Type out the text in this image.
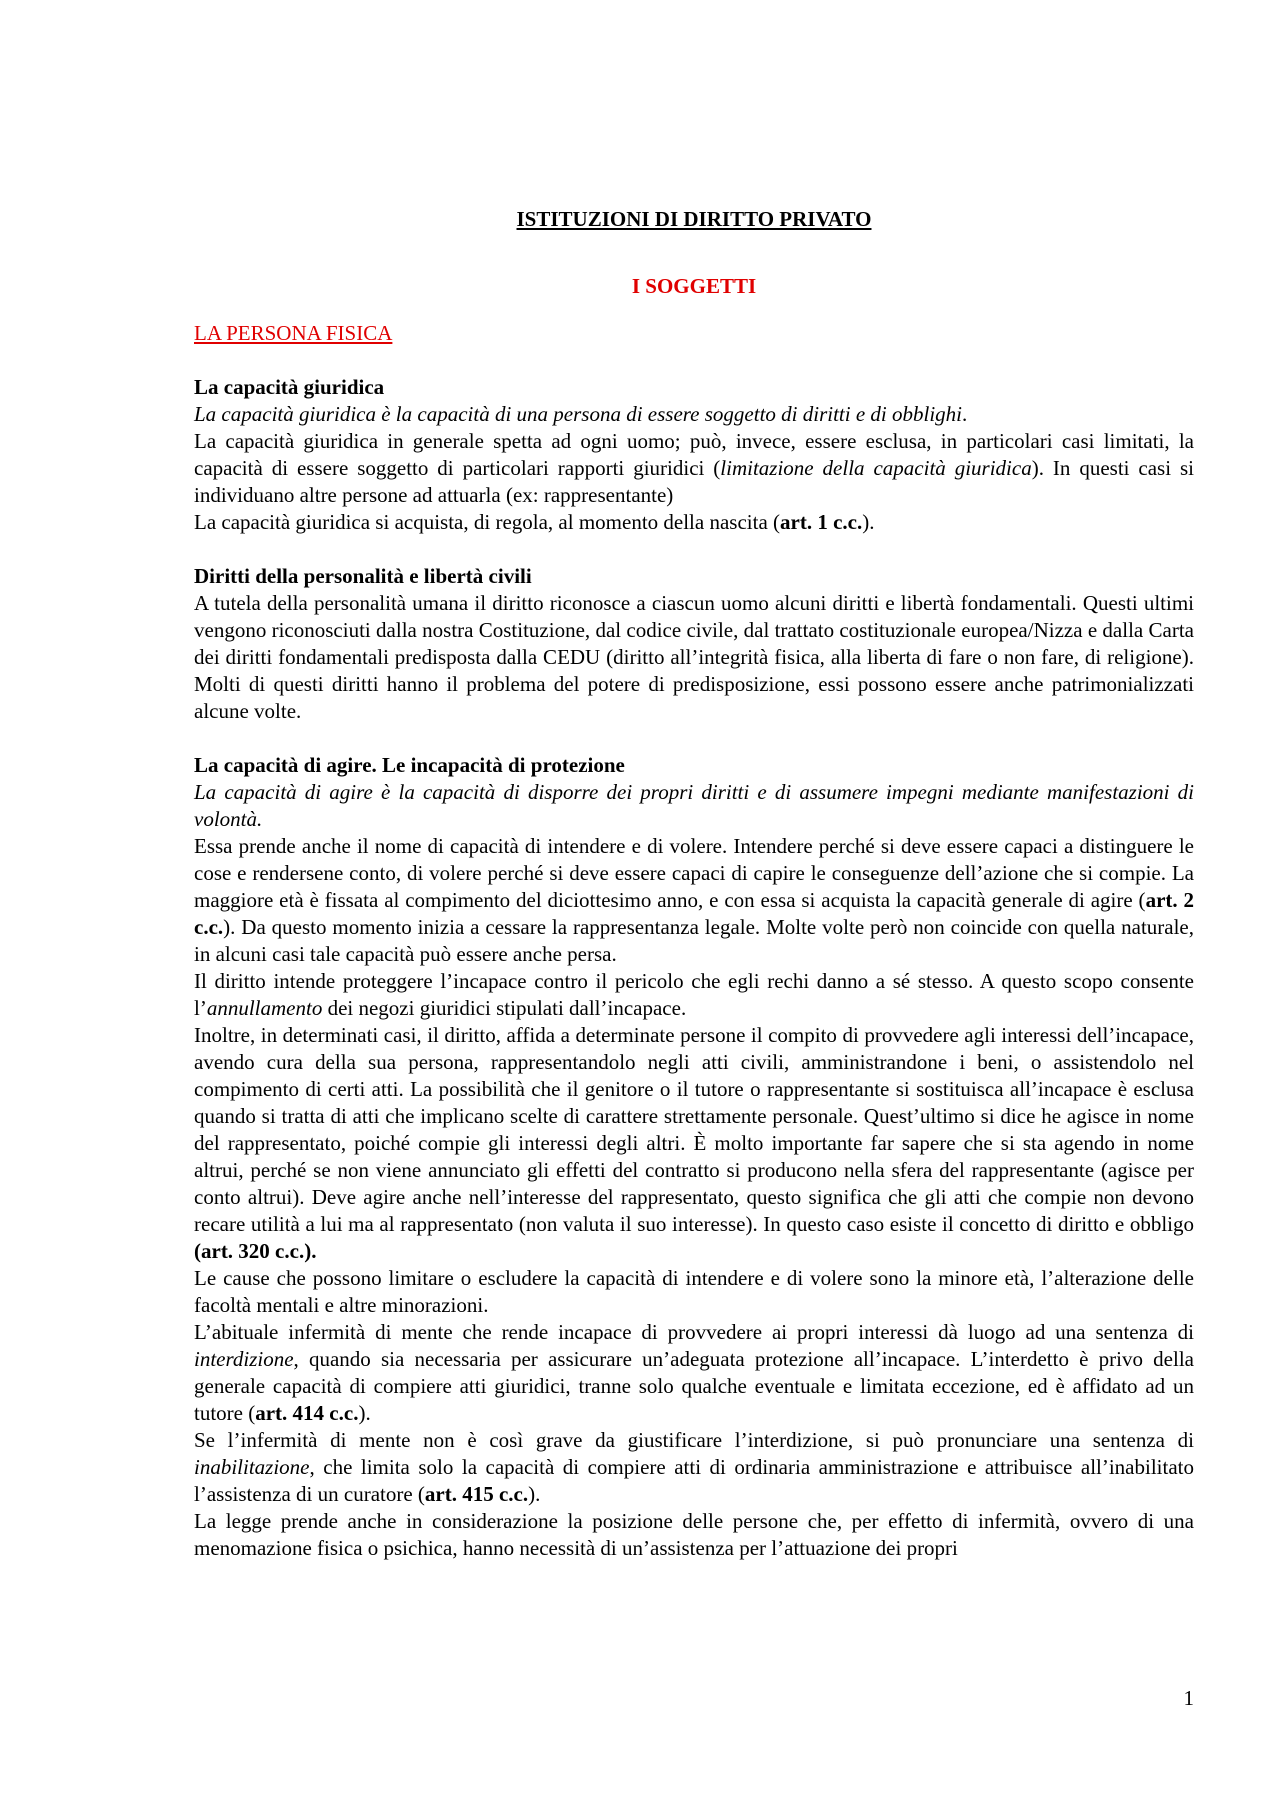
ISTITUZIONI DI DIRITTO PRIVATO
I SOGGETTI
LA PERSONA FISICA
La capacità giuridica

La capacità giuridica è la capacità di una persona di essere soggetto di diritti e di obblighi.

La capacità giuridica in generale spetta ad ogni uomo; può, invece, essere esclusa, in particolari casi limitati, la capacità di essere soggetto di particolari rapporti giuridici (limitazione della capacità giuridica). In questi casi si individuano altre persone ad attuarla (ex: rappresentante)

La capacità giuridica si acquista, di regola, al momento della nascita (art. 1 c.c.).

Diritti della personalità e libertà civili

A tutela della personalità umana il diritto riconosce a ciascun uomo alcuni diritti e libertà fondamentali. Questi ultimi vengono riconosciuti dalla nostra Costituzione, dal codice civile, dal trattato costituzionale europea/Nizza e dalla Carta dei diritti fondamentali predisposta dalla CEDU (diritto all’integrità fisica, alla liberta di fare o non fare, di religione). Molti di questi diritti hanno il problema del potere di predisposizione, essi possono essere anche patrimonializzati alcune volte.

La capacità di agire. Le incapacità di protezione

La capacità di agire è la capacità di disporre dei propri diritti e di assumere impegni mediante manifestazioni di volontà.

Essa prende anche il nome di capacità di intendere e di volere. Intendere perché si deve essere capaci a distinguere le cose e rendersene conto, di volere perché si deve essere capaci di capire le conseguenze dell’azione che si compie. La maggiore età è fissata al compimento del diciottesimo anno, e con essa si acquista la capacità generale di agire (art. 2 c.c.). Da questo momento inizia a cessare la rappresentanza legale. Molte volte però non coincide con quella naturale, in alcuni casi tale capacità può essere anche persa.

Il diritto intende proteggere l’incapace contro il pericolo che egli rechi danno a sé stesso. A questo scopo consente l’annullamento dei negozi giuridici stipulati dall’incapace.

Inoltre, in determinati casi, il diritto, affida a determinate persone il compito di provvedere agli interessi dell’incapace, avendo cura della sua persona, rappresentandolo negli atti civili, amministrandone i beni, o assistendolo nel compimento di certi atti. La possibilità che il genitore o il tutore o rappresentante si sostituisca all’incapace è esclusa quando si tratta di atti che implicano scelte di carattere strettamente personale. Quest’ultimo si dice he agisce in nome del rappresentato, poiché compie gli interessi degli altri. È molto importante far sapere che si sta agendo in nome altrui, perché se non viene annunciato gli effetti del contratto si producono nella sfera del rappresentante (agisce per conto altrui). Deve agire anche nell’interesse del rappresentato, questo significa che gli atti che compie non devono recare utilità a lui ma al rappresentato (non valuta il suo interesse). In questo caso esiste il concetto di diritto e obbligo (art. 320 c.c.).

Le cause che possono limitare o escludere la capacità di intendere e di volere sono la minore età, l’alterazione delle facoltà mentali e altre minorazioni.

L’abituale infermità di mente che rende incapace di provvedere ai propri interessi dà luogo ad una sentenza di interdizione, quando sia necessaria per assicurare un’adeguata protezione all’incapace. L’interdetto è privo della generale capacità di compiere atti giuridici, tranne solo qualche eventuale e limitata eccezione, ed è affidato ad un tutore (art. 414 c.c.).

Se l’infermità di mente non è così grave da giustificare l’interdizione, si può pronunciare una sentenza di inabilitazione, che limita solo la capacità di compiere atti di ordinaria amministrazione e attribuisce all’inabilitato l’assistenza di un curatore (art. 415 c.c.).

La legge prende anche in considerazione la posizione delle persone che, per effetto di infermità, ovvero di una menomazione fisica o psichica, hanno necessità di un’assistenza per l’attuazione dei propri

1
